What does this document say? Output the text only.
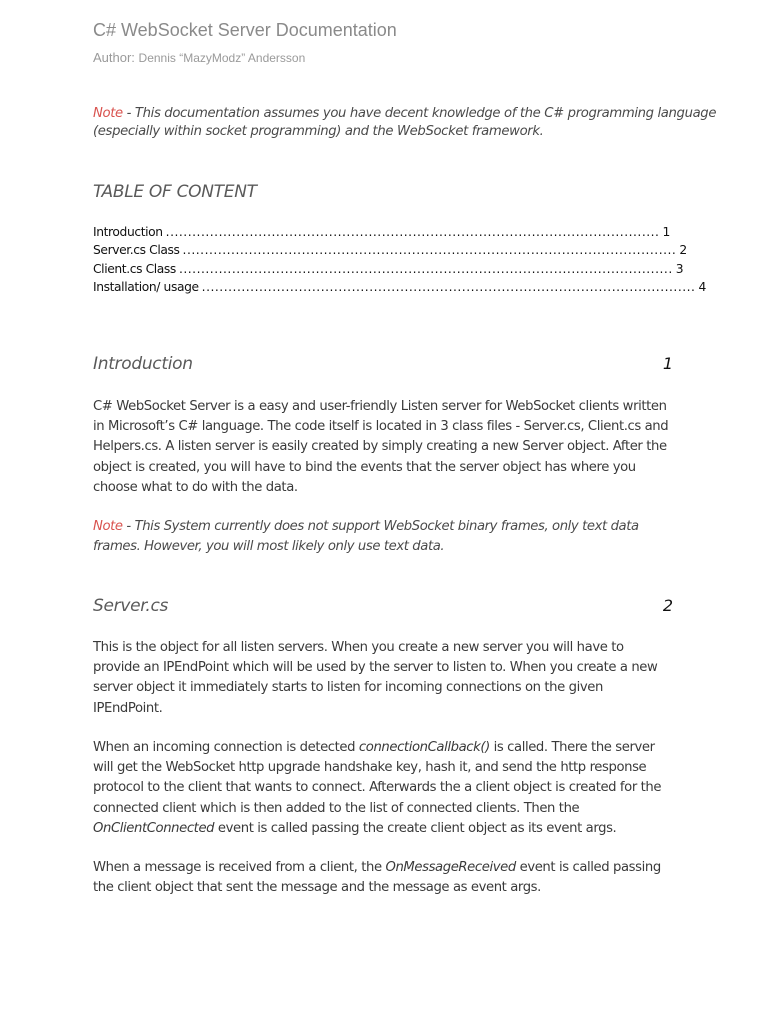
C# WebSocket Server Documentation
Author: Dennis “MazyModz” Andersson
Note - This documentation assumes you have decent knowledge of the C# programming language
(especially within socket programming) and the WebSocket framework.
TABLE OF CONTENT
Introduction ................................................................................................................ 1
Server.cs Class ................................................................................................................ 2
Client.cs Class ................................................................................................................ 3
Installation/ usage ................................................................................................................ 4
Introduction	1
C# WebSocket Server is a easy and user-friendly Listen server for WebSocket clients written
in Microsoft’s C# language. The code itself is located in 3 class files - Server.cs, Client.cs and
Helpers.cs. A listen server is easily created by simply creating a new Server object. After the
object is created, you will have to bind the events that the server object has where you
choose what to do with the data.
Note - This System currently does not support WebSocket binary frames, only text data
frames. However, you will most likely only use text data.
Server.cs	2
This is the object for all listen servers. When you create a new server you will have to
provide an IPEndPoint which will be used by the server to listen to. When you create a new
server object it immediately starts to listen for incoming connections on the given
IPEndPoint.
When an incoming connection is detected connectionCallback() is called. There the server
will get the WebSocket http upgrade handshake key, hash it, and send the http response
protocol to the client that wants to connect. Afterwards the a client object is created for the
connected client which is then added to the list of connected clients. Then the
OnClientConnected event is called passing the create client object as its event args.
When a message is received from a client, the OnMessageReceived event is called passing
the client object that sent the message and the message as event args.
